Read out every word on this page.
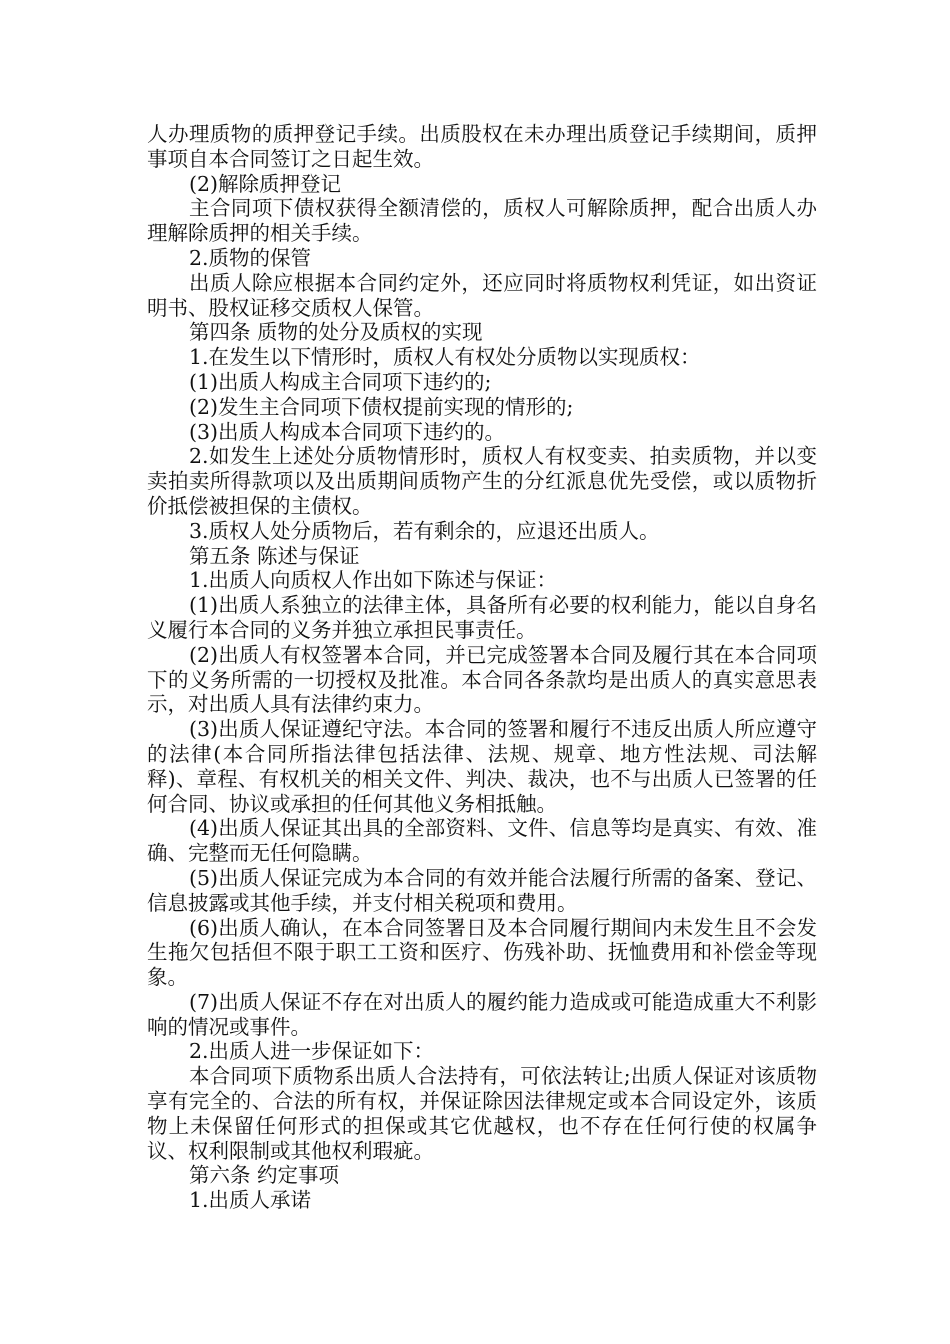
人办理质物的质押登记手续。出质股权在未办理出质登记手续期间，质押事项自本合同签订之日起生效。

(2)解除质押登记

主合同项下债权获得全额清偿的，质权人可解除质押，配合出质人办理解除质押的相关手续。

2.质物的保管

出质人除应根据本合同约定外，还应同时将质物权利凭证，如出资证明书、股权证移交质权人保管。

第四条 质物的处分及质权的实现

1.在发生以下情形时，质权人有权处分质物以实现质权：

(1)出质人构成主合同项下违约的;

(2)发生主合同项下债权提前实现的情形的;

(3)出质人构成本合同项下违约的。

2.如发生上述处分质物情形时，质权人有权变卖、拍卖质物，并以变卖拍卖所得款项以及出质期间质物产生的分红派息优先受偿，或以质物折价抵偿被担保的主债权。

3.质权人处分质物后，若有剩余的，应退还出质人。

第五条 陈述与保证

1.出质人向质权人作出如下陈述与保证：

(1)出质人系独立的法律主体，具备所有必要的权利能力，能以自身名义履行本合同的义务并独立承担民事责任。

(2)出质人有权签署本合同，并已完成签署本合同及履行其在本合同项下的义务所需的一切授权及批准。本合同各条款均是出质人的真实意思表示，对出质人具有法律约束力。

(3)出质人保证遵纪守法。本合同的签署和履行不违反出质人所应遵守的法律(本合同所指法律包括法律、法规、规章、地方性法规、司法解释)、章程、有权机关的相关文件、判决、裁决，也不与出质人已签署的任何合同、协议或承担的任何其他义务相抵触。

(4)出质人保证其出具的全部资料、文件、信息等均是真实、有效、准确、完整而无任何隐瞒。

(5)出质人保证完成为本合同的有效并能合法履行所需的备案、登记、信息披露或其他手续，并支付相关税项和费用。

(6)出质人确认，在本合同签署日及本合同履行期间内未发生且不会发生拖欠包括但不限于职工工资和医疗、伤残补助、抚恤费用和补偿金等现象。

(7)出质人保证不存在对出质人的履约能力造成或可能造成重大不利影响的情况或事件。

2.出质人进一步保证如下：

本合同项下质物系出质人合法持有，可依法转让;出质人保证对该质物享有完全的、合法的所有权，并保证除因法律规定或本合同设定外，该质物上未保留任何形式的担保或其它优越权，也不存在任何行使的权属争议、权利限制或其他权利瑕疵。

第六条 约定事项

1.出质人承诺
